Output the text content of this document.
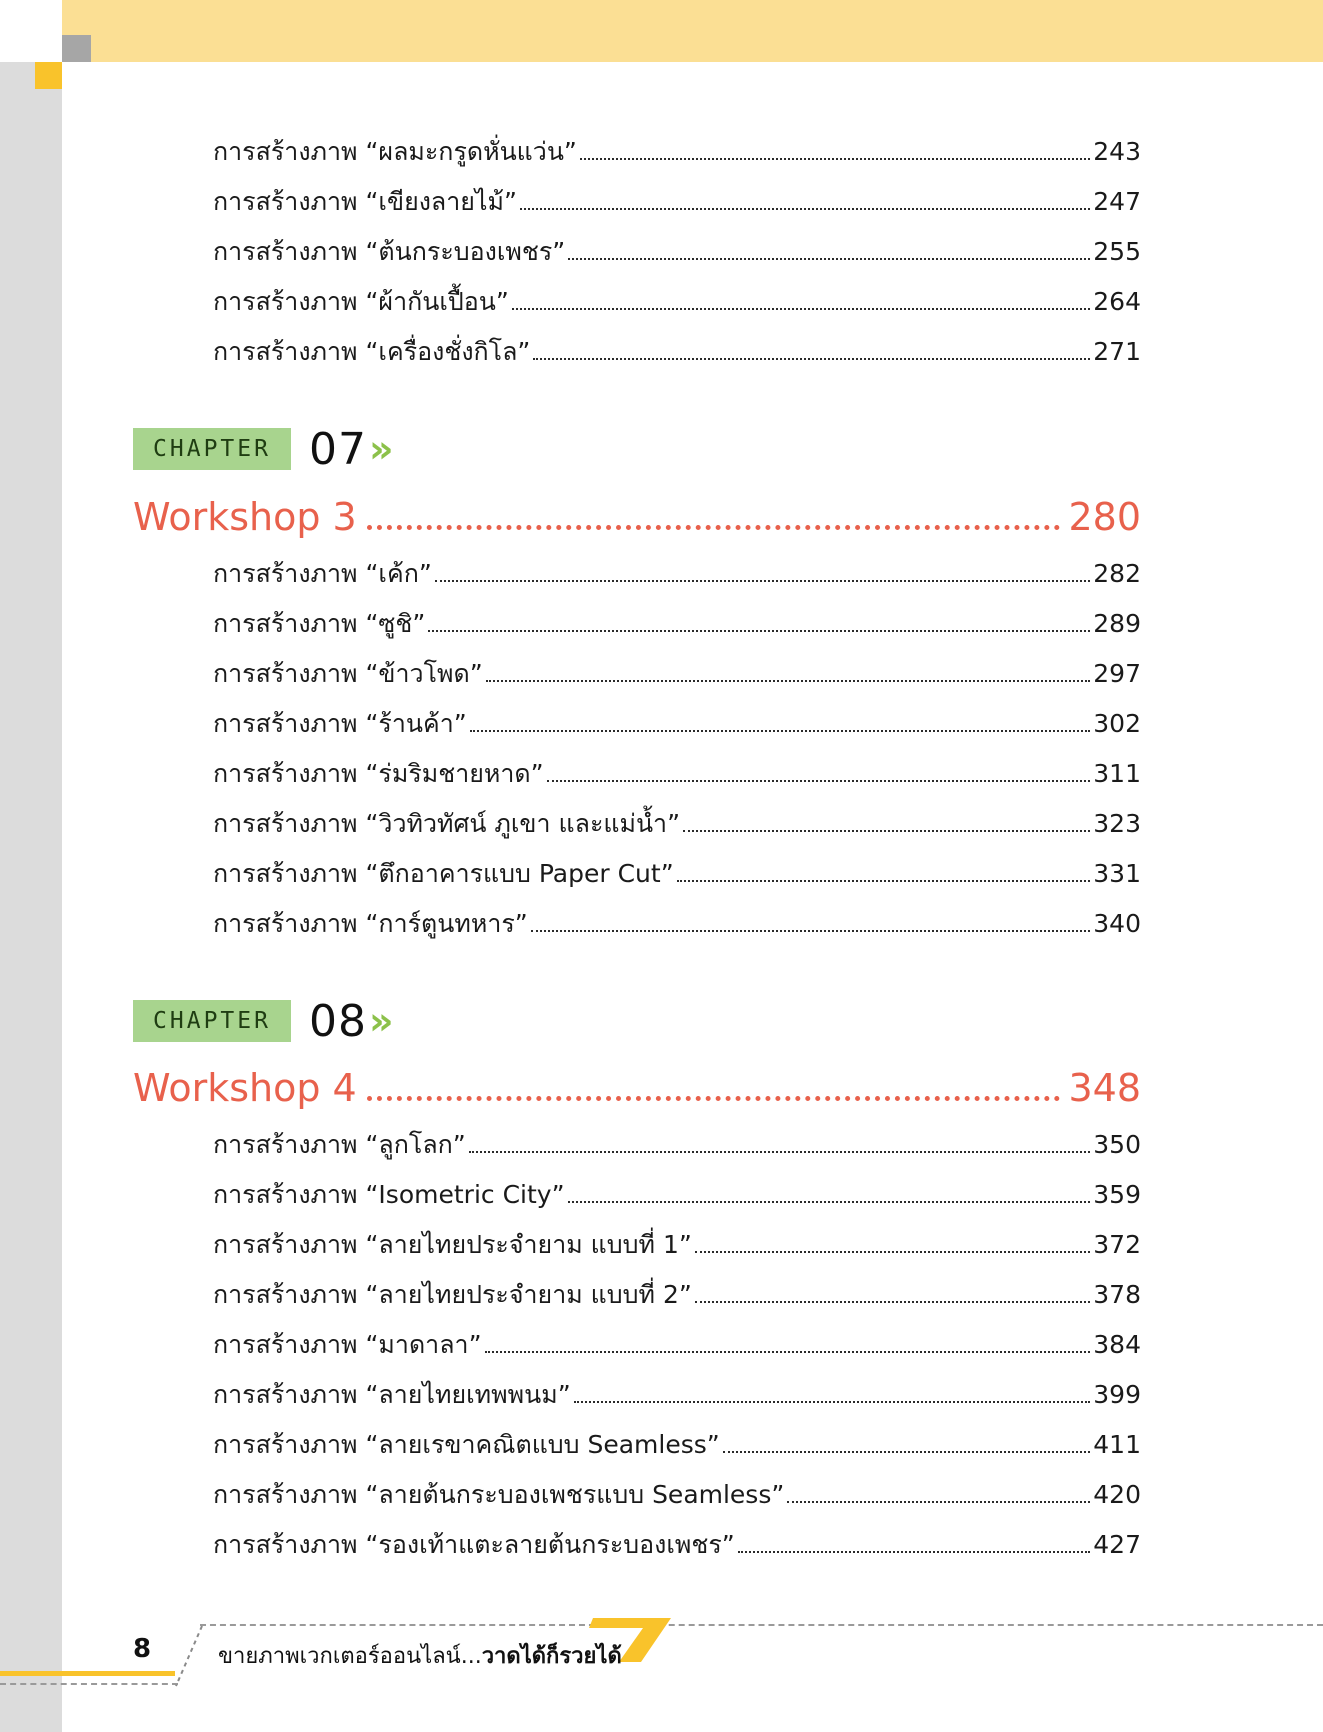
การสร้างภาพ “ผลมะกรูดหั่นแว่น”	243
การสร้างภาพ “เขียงลายไม้”	247
การสร้างภาพ “ต้นกระบองเพชร”	255
การสร้างภาพ “ผ้ากันเปื้อน”	264
การสร้างภาพ “เครื่องชั่งกิโล”	271
CHAPTER 07 »
Workshop 3	280
การสร้างภาพ “เค้ก”	282
การสร้างภาพ “ซูชิ”	289
การสร้างภาพ “ข้าวโพด”	297
การสร้างภาพ “ร้านค้า”	302
การสร้างภาพ “ร่มริมชายหาด”	311
การสร้างภาพ “วิวทิวทัศน์ ภูเขา และแม่น้ำ”	323
การสร้างภาพ “ตึกอาคารแบบ Paper Cut”	331
การสร้างภาพ “การ์ตูนทหาร”	340
CHAPTER 08 »
Workshop 4	348
การสร้างภาพ “ลูกโลก”	350
การสร้างภาพ “Isometric City”	359
การสร้างภาพ “ลายไทยประจำยาม แบบที่ 1”	372
การสร้างภาพ “ลายไทยประจำยาม แบบที่ 2”	378
การสร้างภาพ “มาดาลา”	384
การสร้างภาพ “ลายไทยเทพพนม”	399
การสร้างภาพ “ลายเรขาคณิตแบบ Seamless”	411
การสร้างภาพ “ลายต้นกระบองเพชรแบบ Seamless”	420
การสร้างภาพ “รองเท้าแตะลายต้นกระบองเพชร”	427
8	ขายภาพเวกเตอร์ออนไลน์...วาดได้ก็รวยได้
